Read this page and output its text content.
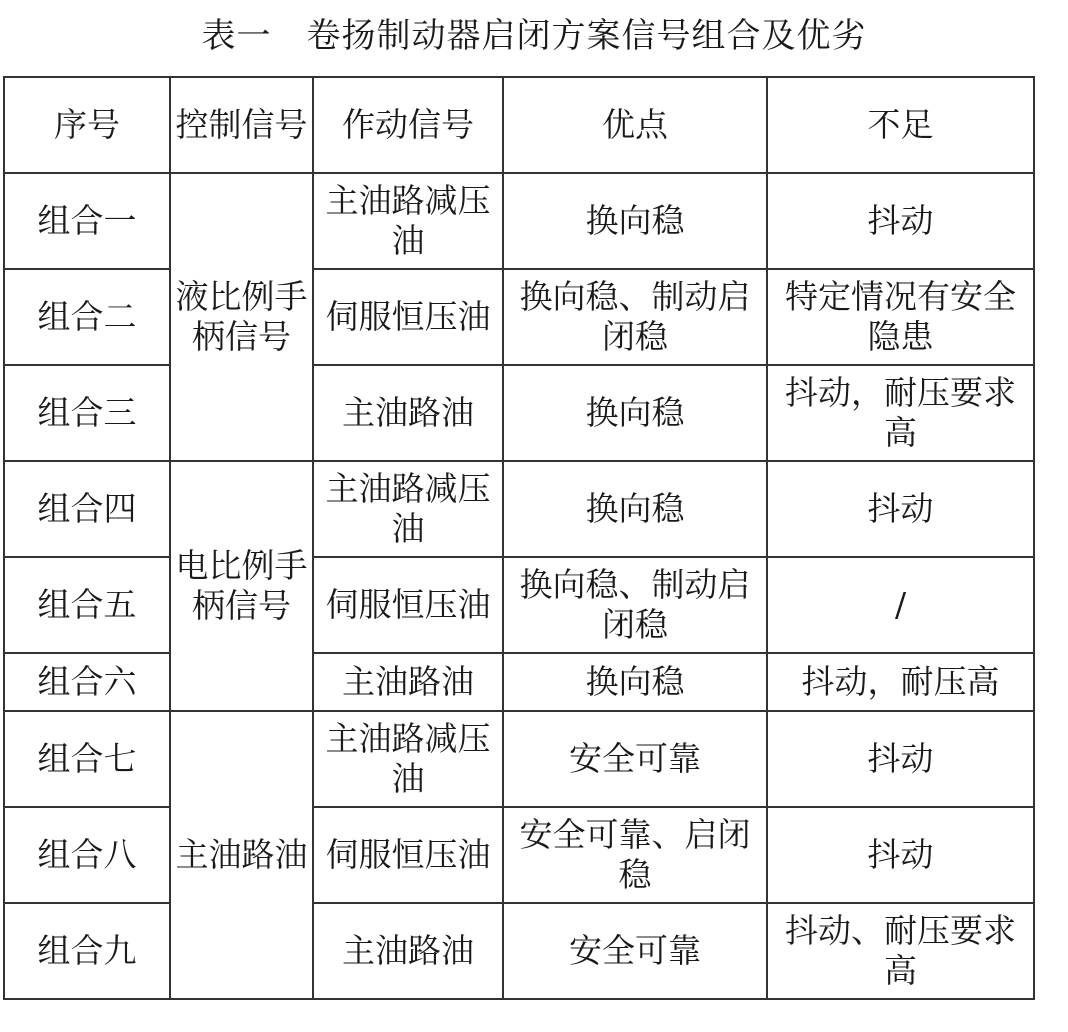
表一　卷扬制动器启闭方案信号组合及优劣
序号	控制信号	作动信号	优点	不足
组合一	液比例手柄信号	主油路减压油	换向稳	抖动
组合二		伺服恒压油	换向稳、制动启闭稳	特定情况有安全隐患
组合三		主油路油	换向稳	抖动，耐压要求高
组合四	电比例手柄信号	主油路减压油	换向稳	抖动
组合五		伺服恒压油	换向稳、制动启闭稳	/
组合六		主油路油	换向稳	抖动，耐压高
组合七	主油路油	主油路减压油	安全可靠	抖动
组合八		伺服恒压油	安全可靠、启闭稳	抖动
组合九		主油路油	安全可靠	抖动、耐压要求高
